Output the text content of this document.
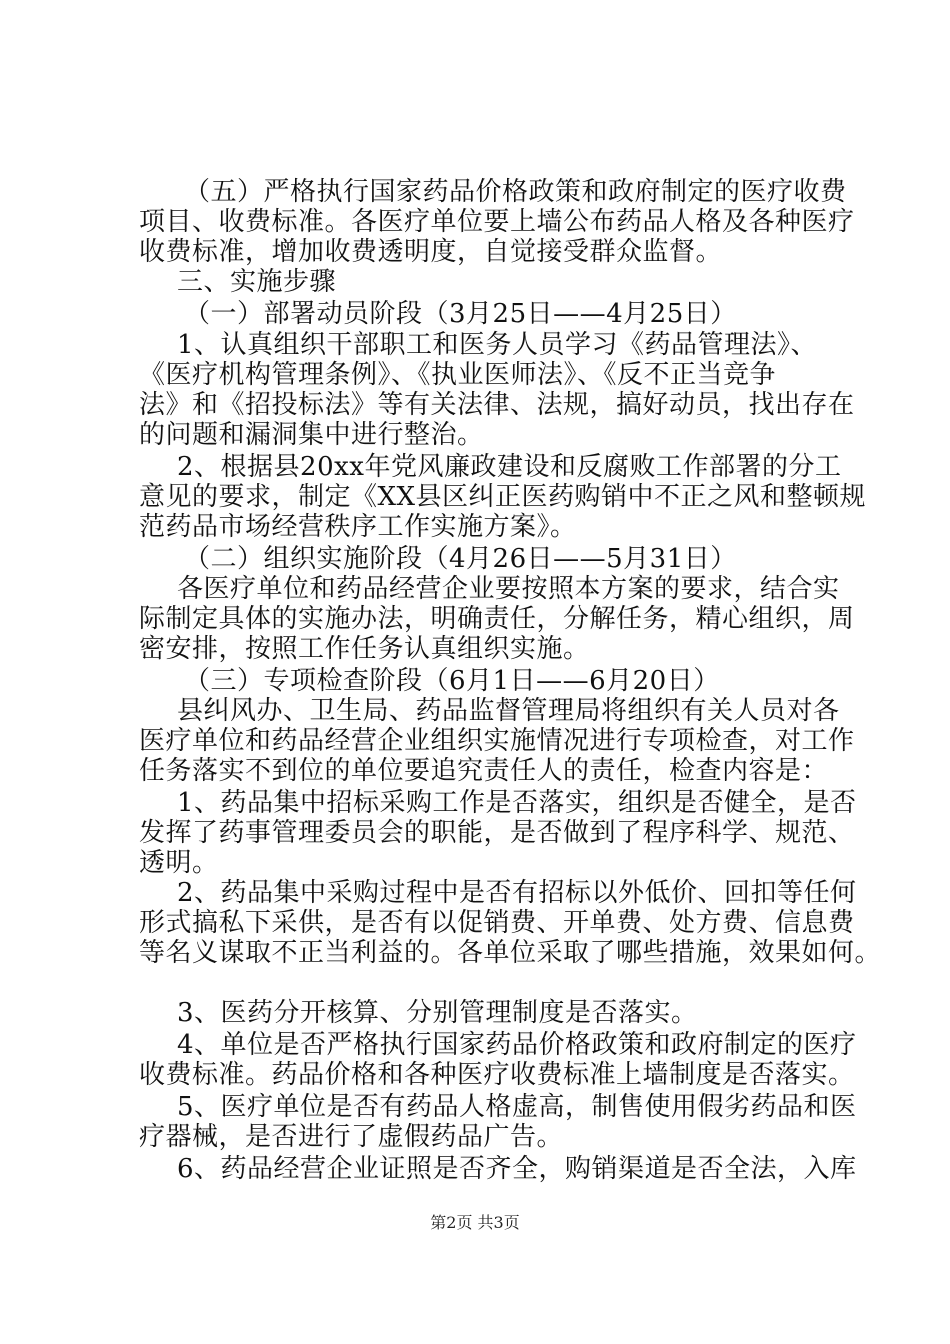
（五）严格执行国家药品价格政策和政府制定的医疗收费
项目、收费标准。各医疗单位要上墙公布药品人格及各种医疗
收费标准，增加收费透明度，自觉接受群众监督。
三、实施步骤
（一）部署动员阶段（3月25日——4月25日）
1、认真组织干部职工和医务人员学习《药品管理法》、
《医疗机构管理条例》、《执业医师法》、《反不正当竞争
法》和《招投标法》等有关法律、法规，搞好动员，找出存在
的问题和漏洞集中进行整治。
2、根据县20xx年党风廉政建设和反腐败工作部署的分工
意见的要求，制定《XX县区纠正医药购销中不正之风和整顿规
范药品市场经营秩序工作实施方案》。
（二）组织实施阶段（4月26日——5月31日）
各医疗单位和药品经营企业要按照本方案的要求，结合实
际制定具体的实施办法，明确责任，分解任务，精心组织，周
密安排，按照工作任务认真组织实施。
（三）专项检查阶段（6月1日——6月20日）
县纠风办、卫生局、药品监督管理局将组织有关人员对各
医疗单位和药品经营企业组织实施情况进行专项检查，对工作
任务落实不到位的单位要追究责任人的责任，检查内容是：
1、药品集中招标采购工作是否落实，组织是否健全，是否
发挥了药事管理委员会的职能，是否做到了程序科学、规范、
透明。
2、药品集中采购过程中是否有招标以外低价、回扣等任何
形式搞私下采供，是否有以促销费、开单费、处方费、信息费
等名义谋取不正当利益的。各单位采取了哪些措施，效果如何。
3、医药分开核算、分别管理制度是否落实。
4、单位是否严格执行国家药品价格政策和政府制定的医疗
收费标准。药品价格和各种医疗收费标准上墙制度是否落实。
5、医疗单位是否有药品人格虚高，制售使用假劣药品和医
疗器械，是否进行了虚假药品广告。
6、药品经营企业证照是否齐全，购销渠道是否全法，入库
第2页 共3页
